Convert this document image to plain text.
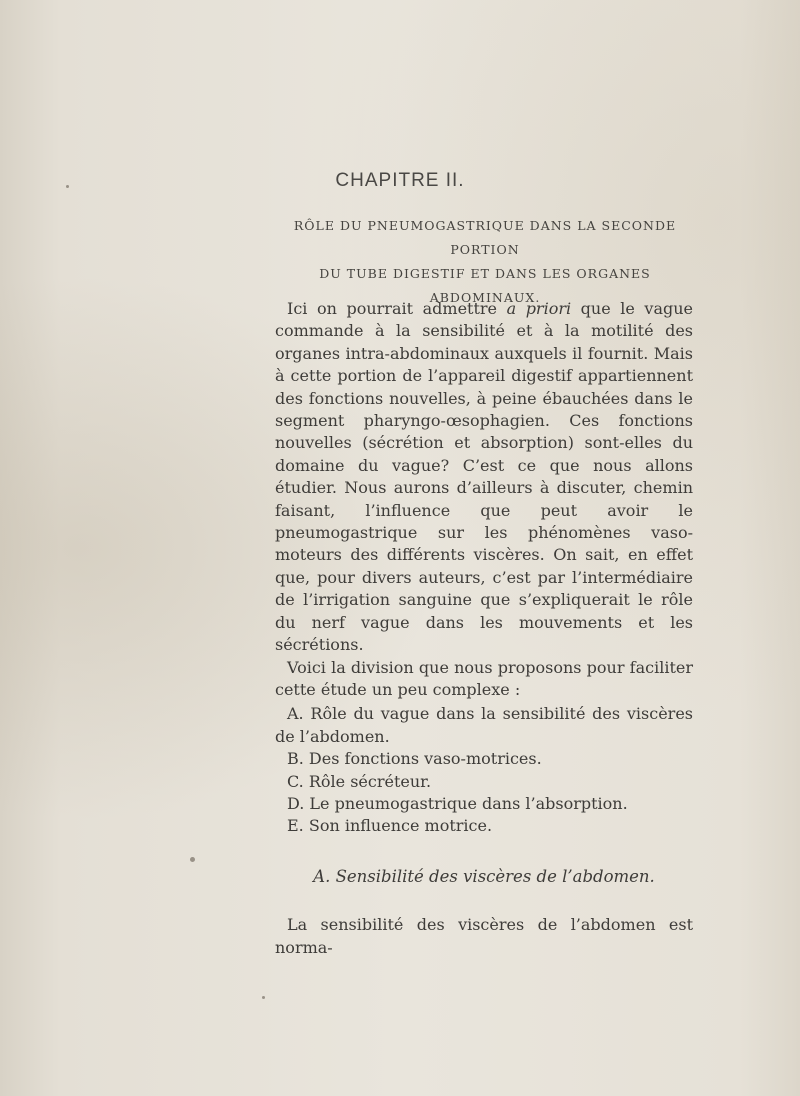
CHAPITRE II.
RÔLE DU PNEUMOGASTRIQUE DANS LA SECONDE PORTION
DU TUBE DIGESTIF ET DANS LES ORGANES
ABDOMINAUX.

Ici on pourrait admettre a priori que le vague commande à la sensibilité et à la motilité des organes intra-abdominaux auxquels il fournit. Mais à cette portion de l’appareil digestif appartiennent des fonctions nouvelles, à peine ébauchées dans le segment pharyngo-œsophagien. Ces fonctions nouvelles (sécrétion et absorption) sont-elles du domaine du vague? C’est ce que nous allons étudier. Nous aurons d’ailleurs à discuter, chemin faisant, l’influence que peut avoir le pneumogastrique sur les phénomènes vaso-moteurs des différents viscères. On sait, en effet que, pour divers auteurs, c’est par l’intermédiaire de l’irrigation sanguine que s’expliquerait le rôle du nerf vague dans les mouvements et les sécrétions.

Voici la division que nous proposons pour faciliter cette étude un peu complexe :

A. Rôle du vague dans la sensibilité des viscères de l’abdomen.
B. Des fonctions vaso-motrices.
C. Rôle sécréteur.
D. Le pneumogastrique dans l’absorption.
E. Son influence motrice.
A. Sensibilité des viscères de l’abdomen.

La sensibilité des viscères de l’abdomen est norma-
